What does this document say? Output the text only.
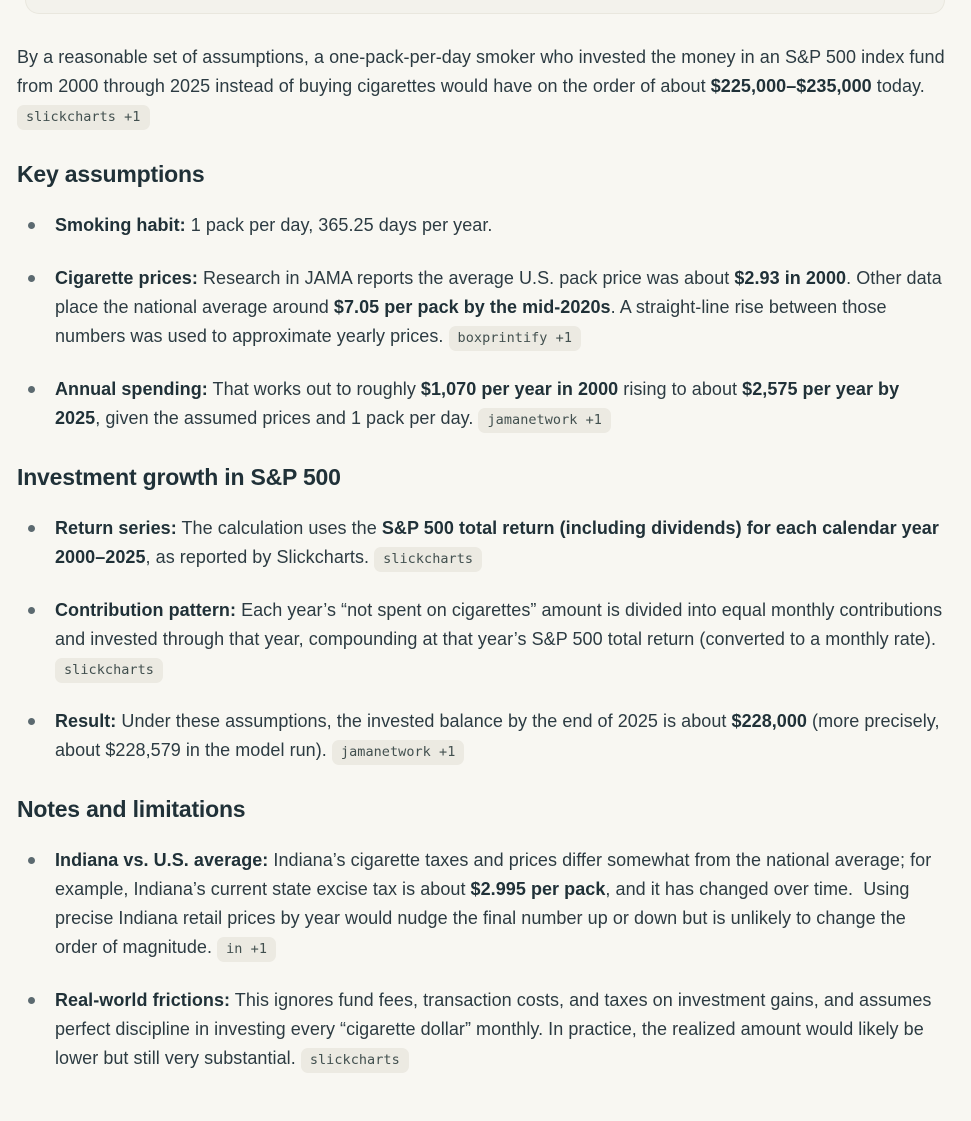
By a reasonable set of assumptions, a one-pack-per-day smoker who invested the money in an S&P 500 index fund from 2000 through 2025 instead of buying cigarettes would have on the order of about $225,000–$235,000 today. slickcharts +1

Key assumptions
Smoking habit: 1 pack per day, 365.25 days per year.
Cigarette prices: Research in JAMA reports the average U.S. pack price was about $2.93 in 2000. Other data place the national average around $7.05 per pack by the mid-2020s. A straight-line rise between those numbers was used to approximate yearly prices. boxprintify +1
Annual spending: That works out to roughly $1,070 per year in 2000 rising to about $2,575 per year by 2025, given the assumed prices and 1 pack per day. jamanetwork +1
Investment growth in S&P 500
Return series: The calculation uses the S&P 500 total return (including dividends) for each calendar year 2000–2025, as reported by Slickcharts. slickcharts
Contribution pattern: Each year’s “not spent on cigarettes” amount is divided into equal monthly contributions and invested through that year, compounding at that year’s S&P 500 total return (converted to a monthly rate). slickcharts
Result: Under these assumptions, the invested balance by the end of 2025 is about $228,000 (more precisely, about $228,579 in the model run). jamanetwork +1
Notes and limitations
Indiana vs. U.S. average: Indiana’s cigarette taxes and prices differ somewhat from the national average; for example, Indiana’s current state excise tax is about $2.995 per pack, and it has changed over time.  Using precise Indiana retail prices by year would nudge the final number up or down but is unlikely to change the order of magnitude. in +1
Real-world frictions: This ignores fund fees, transaction costs, and taxes on investment gains, and assumes perfect discipline in investing every “cigarette dollar” monthly. In practice, the realized amount would likely be lower but still very substantial. slickcharts
